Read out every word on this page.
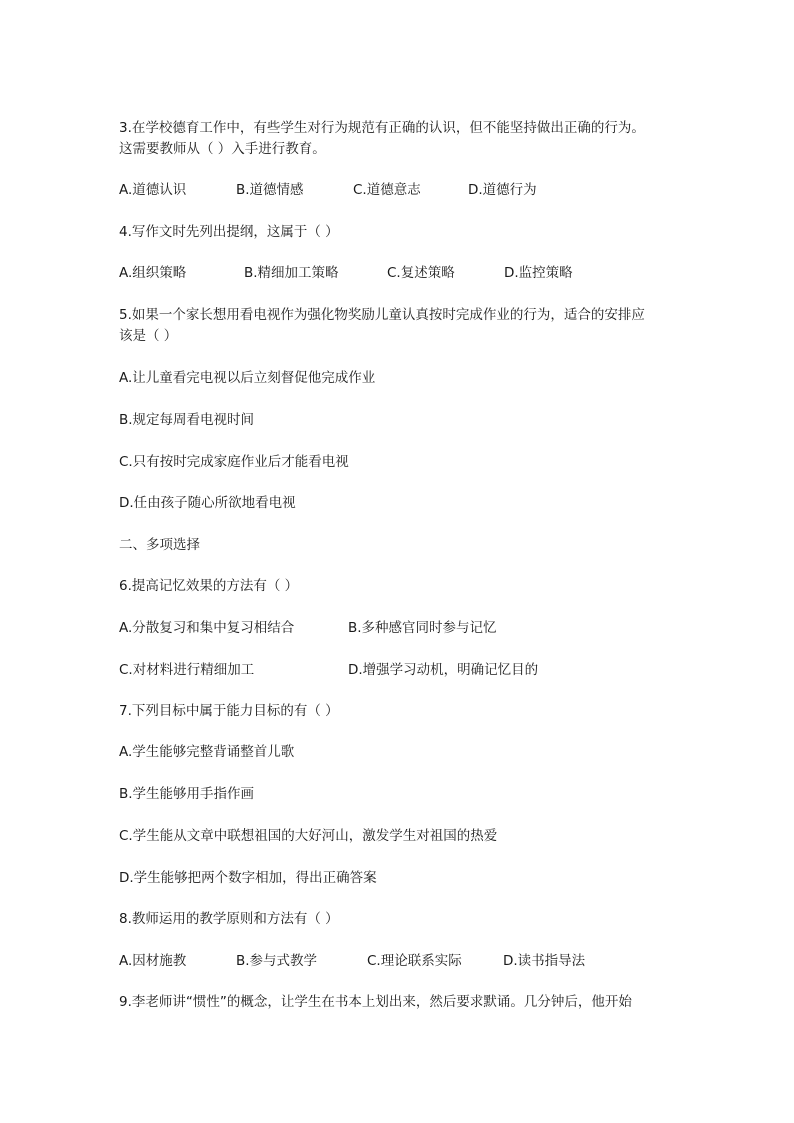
3.在学校德育工作中，有些学生对行为规范有正确的认识，但不能坚持做出正确的行为。
这需要教师从（ ）入手进行教育。
A.道德认识	B.道德情感	C.道德意志	D.道德行为
4.写作文时先列出提纲，这属于（ ）
A.组织策略	B.精细加工策略	C.复述策略	D.监控策略
5.如果一个家长想用看电视作为强化物奖励儿童认真按时完成作业的行为，适合的安排应
该是（ ）
A.让儿童看完电视以后立刻督促他完成作业
B.规定每周看电视时间
C.只有按时完成家庭作业后才能看电视
D.任由孩子随心所欲地看电视
二、多项选择
6.提高记忆效果的方法有（ ）
A.分散复习和集中复习相结合	B.多种感官同时参与记忆
C.对材料进行精细加工	D.增强学习动机，明确记忆目的
7.下列目标中属于能力目标的有（ ）
A.学生能够完整背诵整首儿歌
B.学生能够用手指作画
C.学生能从文章中联想祖国的大好河山，激发学生对祖国的热爱
D.学生能够把两个数字相加，得出正确答案
8.教师运用的教学原则和方法有（ ）
A.因材施教	B.参与式教学	C.理论联系实际	D.读书指导法
9.李老师讲“惯性”的概念，让学生在书本上划出来，然后要求默诵。几分钟后，他开始
